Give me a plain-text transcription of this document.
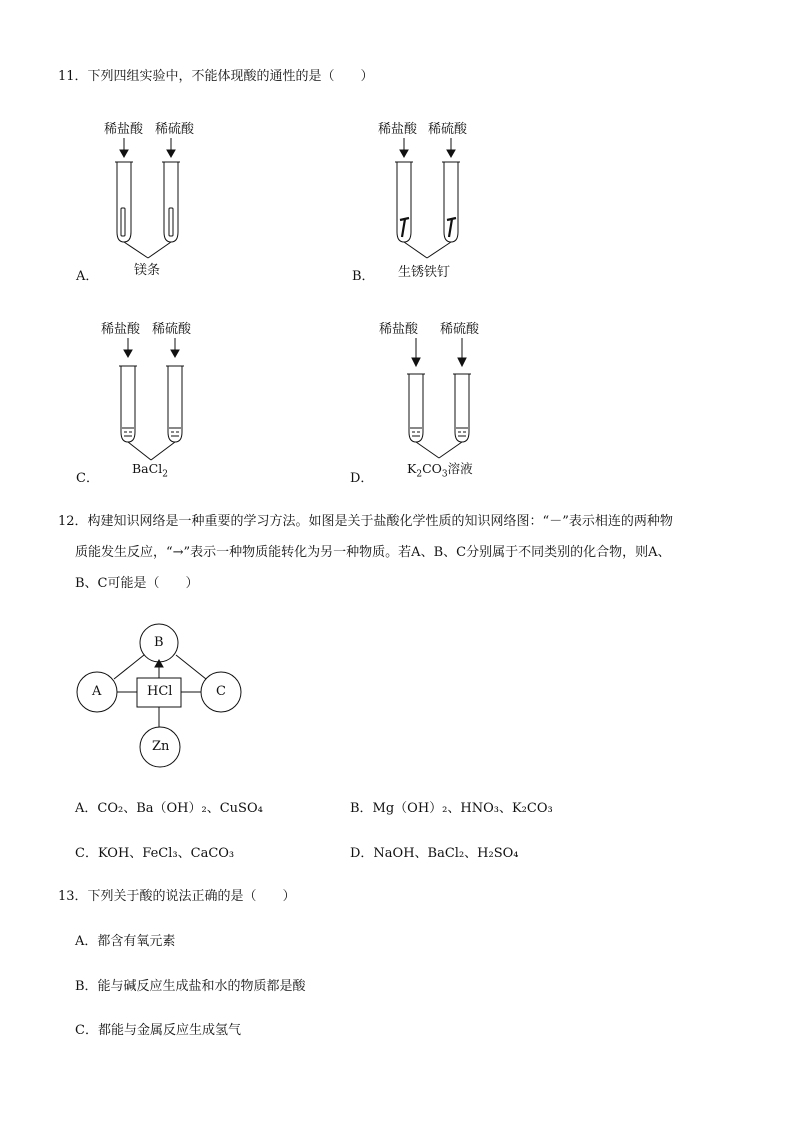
11．下列四组实验中，不能体现酸的通性的是（　　）
稀盐酸 稀硫酸
A．	镁条
稀盐酸 稀硫酸
B． 生锈铁钉
稀盐酸 稀硫酸
C．
BaCl$_2$
稀盐酸 稀硫酸
D．
$K_2CO_3$溶液
12．构建知识网络是一种重要的学习方法。如图是关于盐酸化学性质的知识网络图：“－”表示相连的两种物
质能发生反应，“→”表示一种物质能转化为另一种物质。若A、B、C分别属于不同类别的化合物，则A、
B、C可能是（　　）
B
A	C
HCl
Zn
A．CO₂、Ba（OH）₂、CuSO₄	B．Mg（OH）₂、HNO₃、K₂CO₃
C．KOH、FeCl₃、CaCO₃	D．NaOH、BaCl₂、H₂SO₄
13．下列关于酸的说法正确的是（　　）
A．都含有氧元素
B．能与碱反应生成盐和水的物质都是酸
C．都能与金属反应生成氢气
